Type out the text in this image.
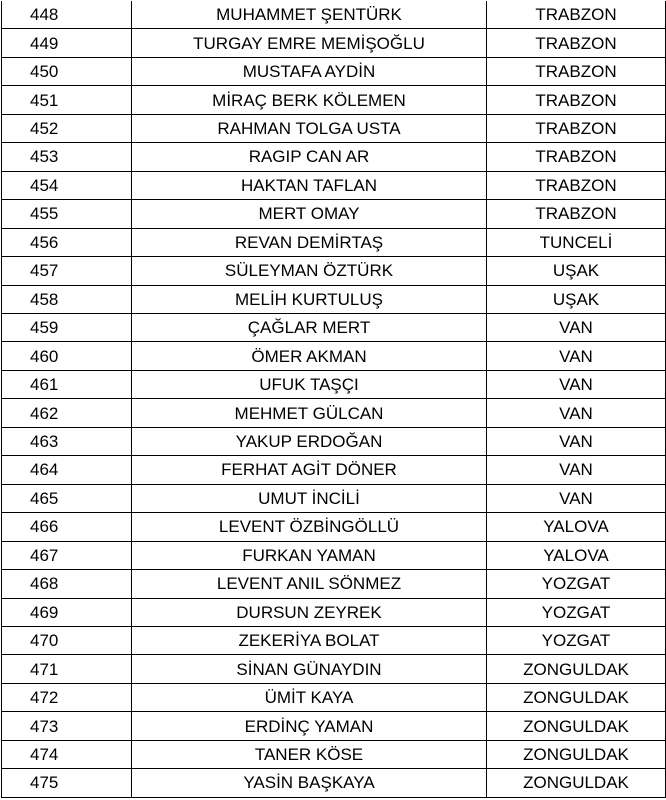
448	MUHAMMET ŞENTÜRK	TRABZON
449	TURGAY EMRE MEMİŞOĞLU	TRABZON
450	MUSTAFA AYDİN	TRABZON
451	MİRAÇ BERK KÖLEMEN	TRABZON
452	RAHMAN TOLGA USTA	TRABZON
453	RAGIP CAN AR	TRABZON
454	HAKTAN TAFLAN	TRABZON
455	MERT OMAY	TRABZON
456	REVAN DEMİRTAŞ	TUNCELİ
457	SÜLEYMAN ÖZTÜRK	UŞAK
458	MELİH KURTULUŞ	UŞAK
459	ÇAĞLAR MERT	VAN
460	ÖMER AKMAN	VAN
461	UFUK TAŞÇI	VAN
462	MEHMET GÜLCAN	VAN
463	YAKUP ERDOĞAN	VAN
464	FERHAT AGİT DÖNER	VAN
465	UMUT İNCİLİ	VAN
466	LEVENT ÖZBİNGÖLLÜ	YALOVA
467	FURKAN YAMAN	YALOVA
468	LEVENT ANIL SÖNMEZ	YOZGAT
469	DURSUN ZEYREK	YOZGAT
470	ZEKERİYA BOLAT	YOZGAT
471	SİNAN GÜNAYDIN	ZONGULDAK
472	ÜMİT KAYA	ZONGULDAK
473	ERDİNÇ YAMAN	ZONGULDAK
474	TANER KÖSE	ZONGULDAK
475	YASİN BAŞKAYA	ZONGULDAK
